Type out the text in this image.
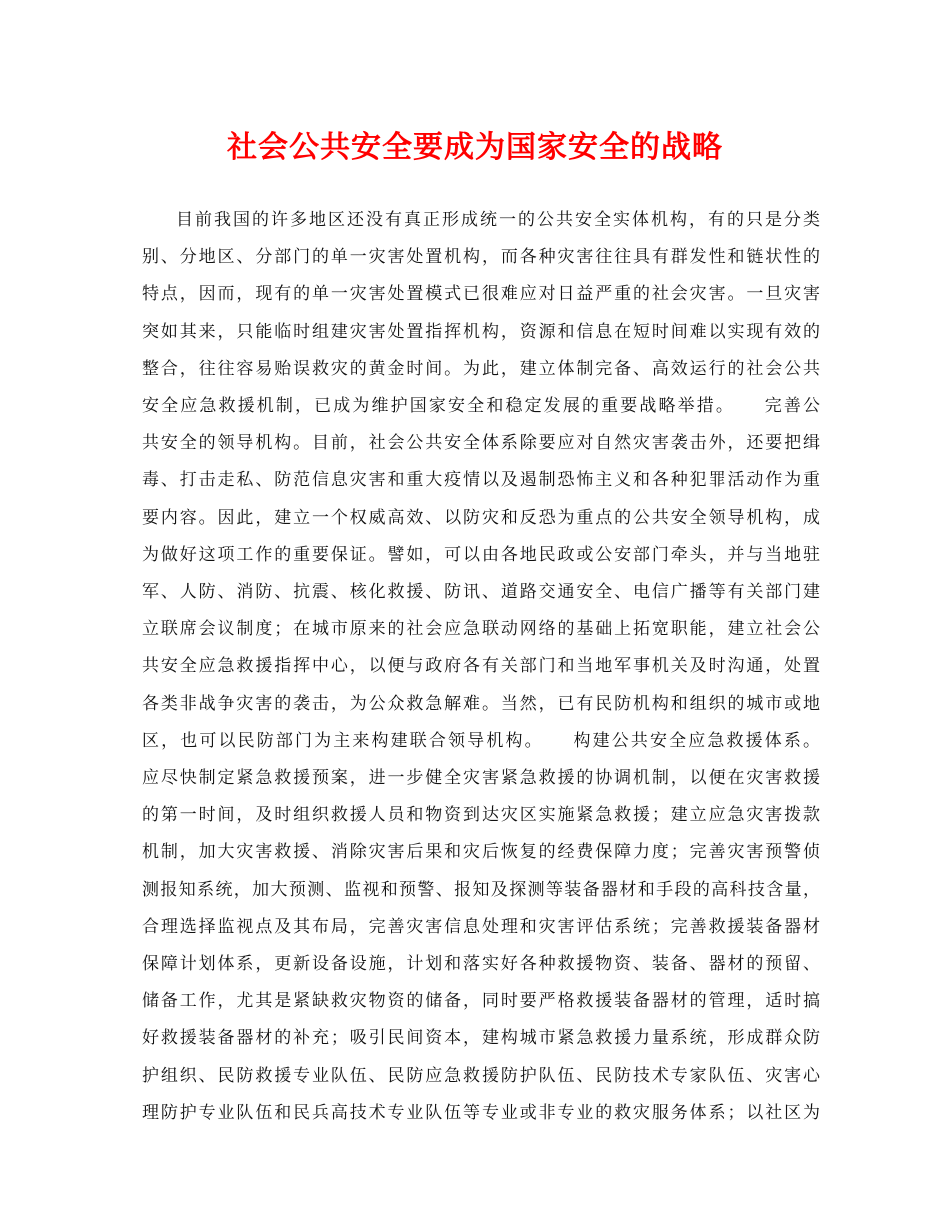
社会公共安全要成为国家安全的战略
目前我国的许多地区还没有真正形成统一的公共安全实体机构，有的只是分类
别、分地区、分部门的单一灾害处置机构，而各种灾害往往具有群发性和链状性的
特点，因而，现有的单一灾害处置模式已很难应对日益严重的社会灾害。一旦灾害
突如其来，只能临时组建灾害处置指挥机构，资源和信息在短时间难以实现有效的
整合，往往容易贻误救灾的黄金时间。为此，建立体制完备、高效运行的社会公共
安全应急救援机制，已成为维护国家安全和稳定发展的重要战略举措。　　完善公
共安全的领导机构。目前，社会公共安全体系除要应对自然灾害袭击外，还要把缉
毒、打击走私、防范信息灾害和重大疫情以及遏制恐怖主义和各种犯罪活动作为重
要内容。因此，建立一个权威高效、以防灾和反恐为重点的公共安全领导机构，成
为做好这项工作的重要保证。譬如，可以由各地民政或公安部门牵头，并与当地驻
军、人防、消防、抗震、核化救援、防讯、道路交通安全、电信广播等有关部门建
立联席会议制度；在城市原来的社会应急联动网络的基础上拓宽职能，建立社会公
共安全应急救援指挥中心，以便与政府各有关部门和当地军事机关及时沟通，处置
各类非战争灾害的袭击，为公众救急解难。当然，已有民防机构和组织的城市或地
区，也可以民防部门为主来构建联合领导机构。　　构建公共安全应急救援体系。
应尽快制定紧急救援预案，进一步健全灾害紧急救援的协调机制，以便在灾害救援
的第一时间，及时组织救援人员和物资到达灾区实施紧急救援；建立应急灾害拨款
机制，加大灾害救援、消除灾害后果和灾后恢复的经费保障力度；完善灾害预警侦
测报知系统，加大预测、监视和预警、报知及探测等装备器材和手段的高科技含量，
合理选择监视点及其布局，完善灾害信息处理和灾害评估系统；完善救援装备器材
保障计划体系，更新设备设施，计划和落实好各种救援物资、装备、器材的预留、
储备工作，尤其是紧缺救灾物资的储备，同时要严格救援装备器材的管理，适时搞
好救援装备器材的补充；吸引民间资本，建构城市紧急救援力量系统，形成群众防
护组织、民防救援专业队伍、民防应急救援防护队伍、民防技术专家队伍、灾害心
理防护专业队伍和民兵高技术专业队伍等专业或非专业的救灾服务体系；以社区为
